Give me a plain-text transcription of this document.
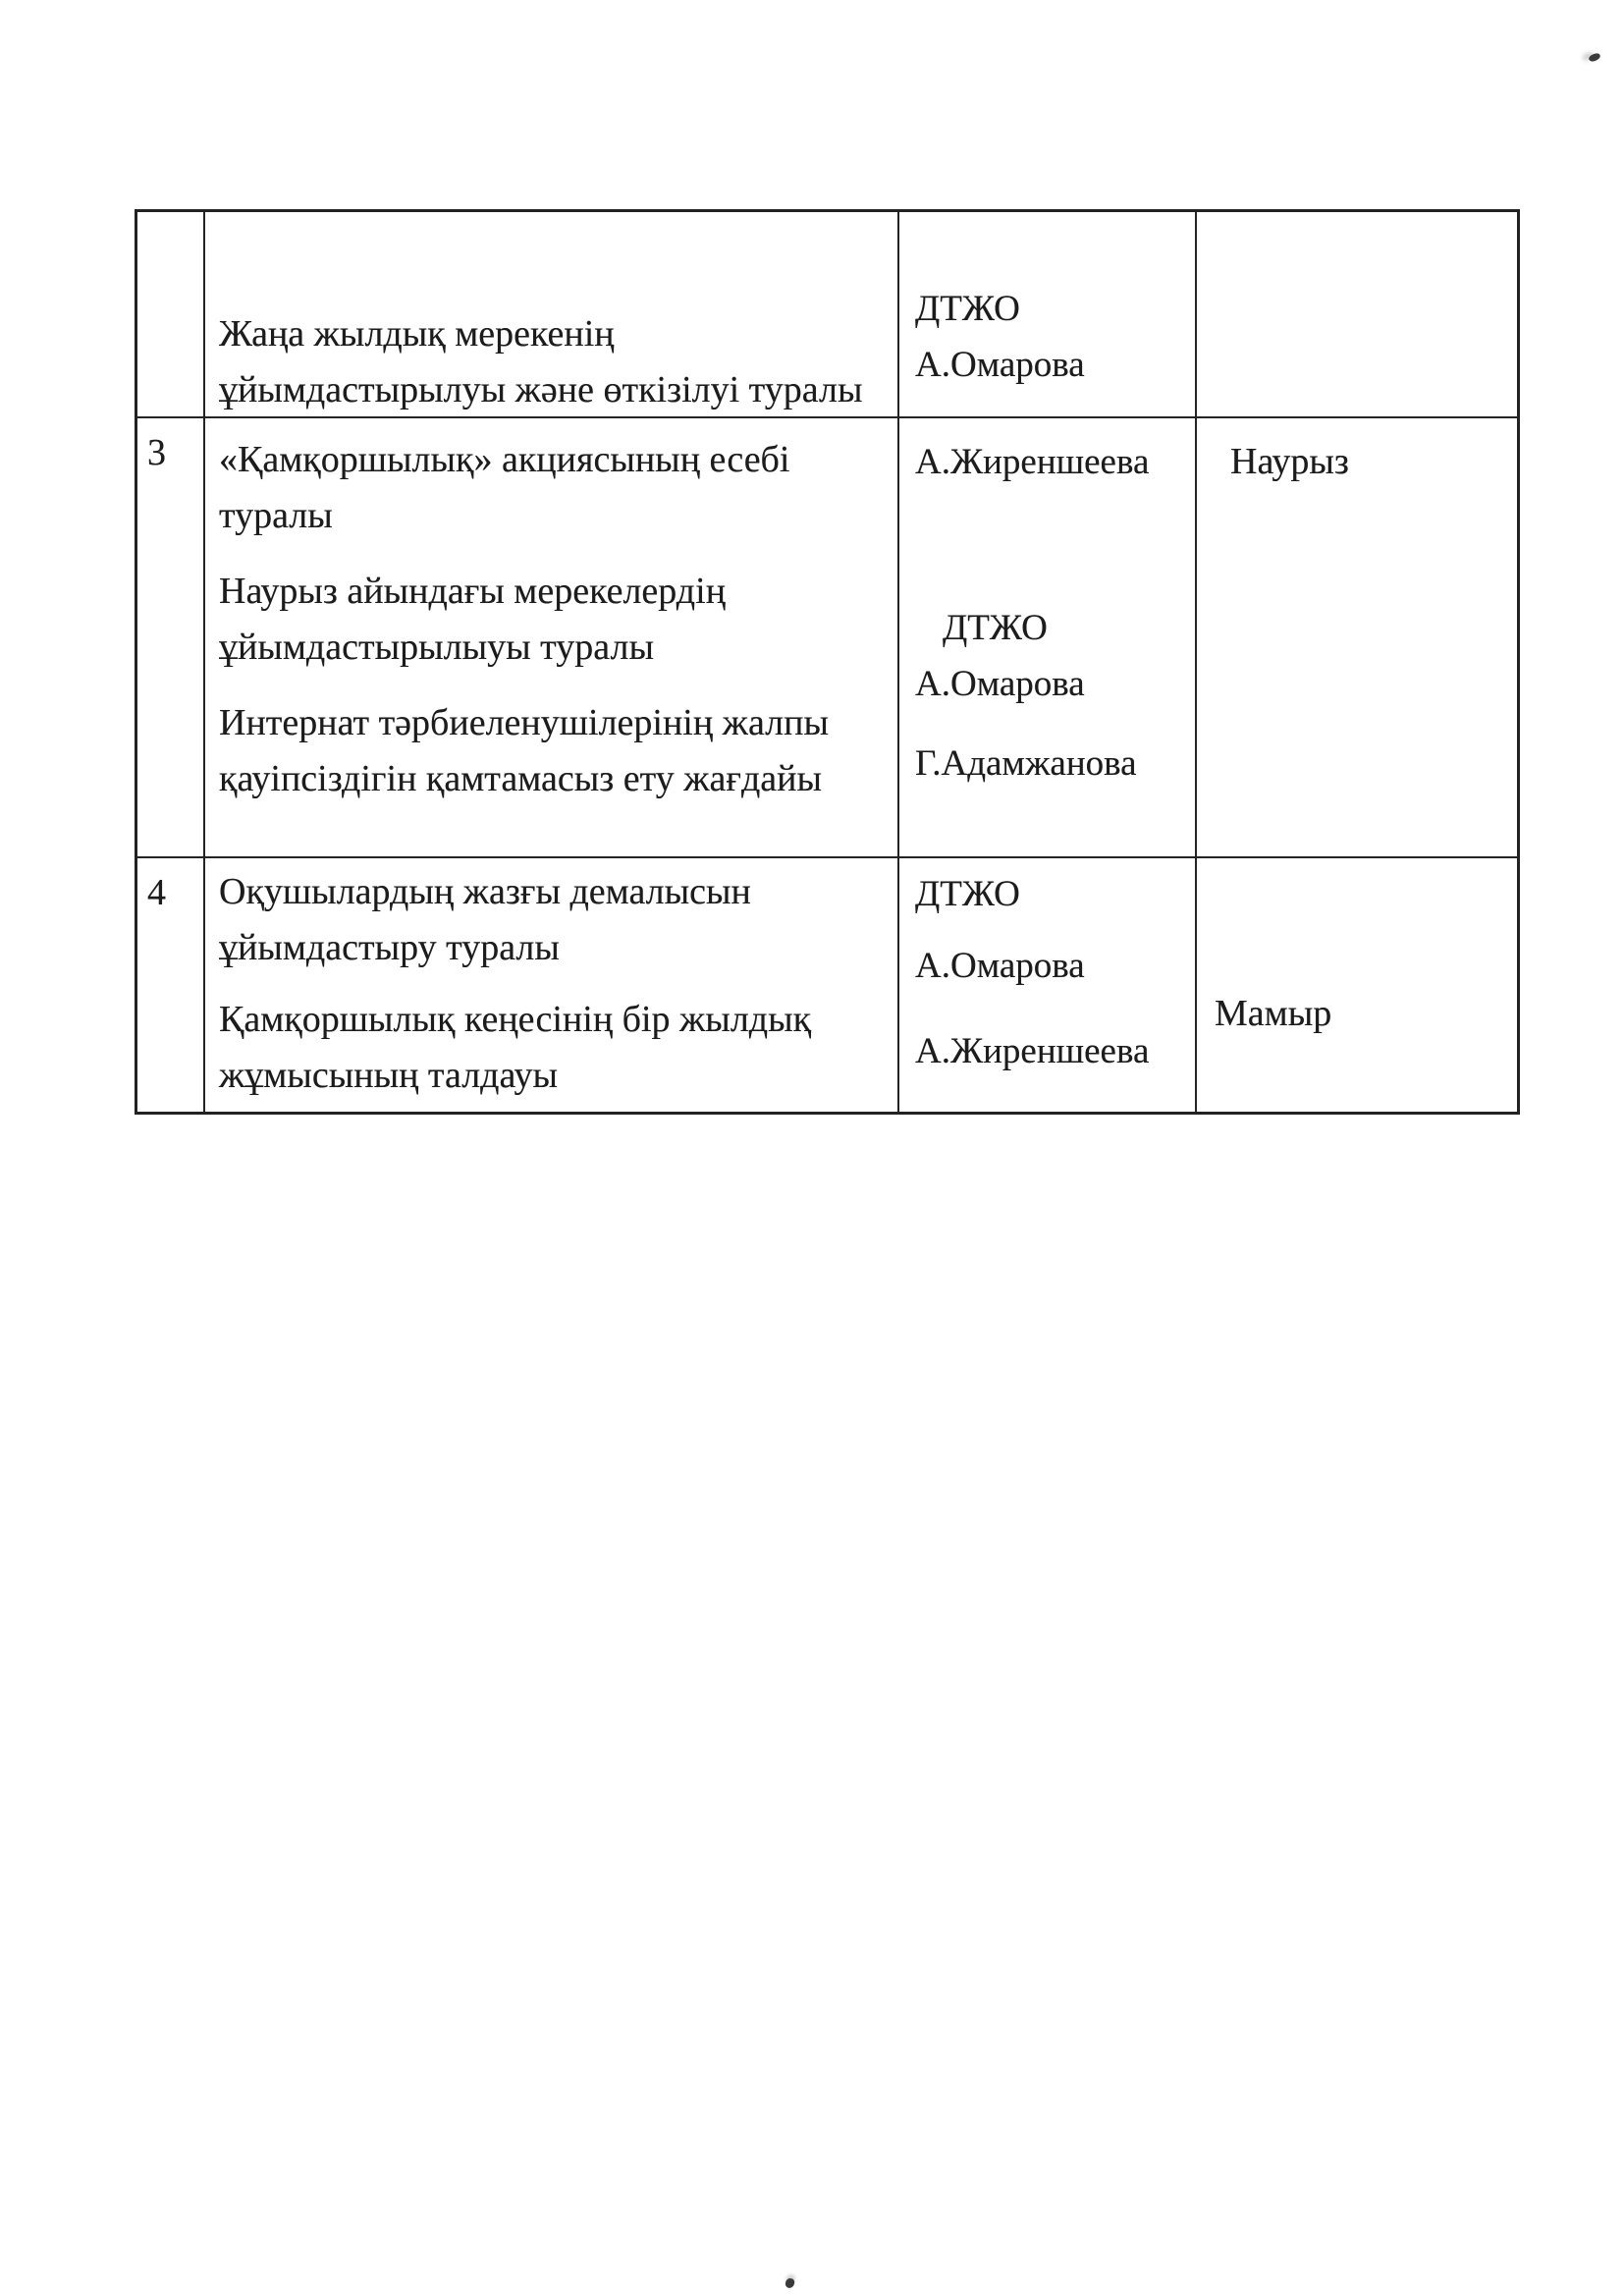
Жаңа жылдық мерекенің
ұйымдастырылуы және өткізілуі туралы

ДТЖО
А.Омарова
3	«Қамқоршылық» акциясының есебі
туралы

Наурыз айындағы мерекелердің
ұйымдастырылыуы туралы

Интернат тәрбиеленушілерінің жалпы
қауіпсіздігін қамтамасыз ету жағдайы

А.Жиреншеева
ДТЖО
А.Омарова
Г.Адамжанова
Наурыз
4	Оқушылардың жазғы демалысын
ұйымдастыру туралы

Қамқоршылық кеңесінің бір жылдық
жұмысының талдауы

ДТЖО
А.Омарова
А.Жиреншеева
Мамыр
